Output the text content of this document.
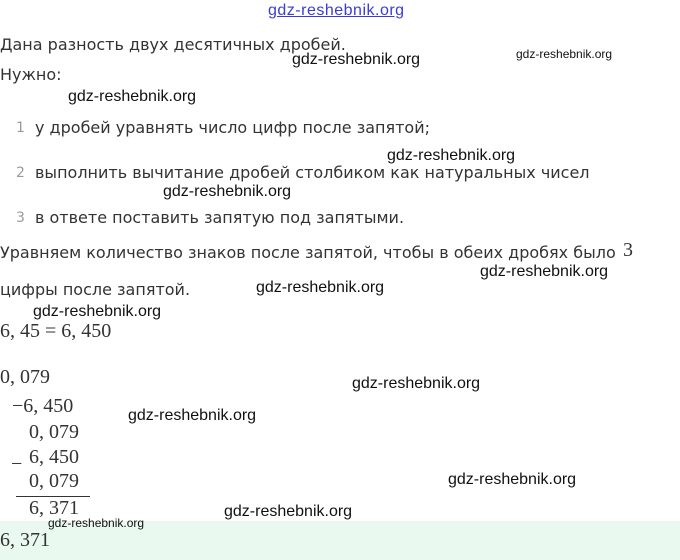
gdz-reshebnik.org
gdz-reshebnik.org	gdz-reshebnik.org
gdz-reshebnik.org
gdz-reshebnik.org
gdz-reshebnik.org
gdz-reshebnik.org
gdz-reshebnik.org
gdz-reshebnik.org
gdz-reshebnik.org
gdz-reshebnik.org
gdz-reshebnik.org
gdz-reshebnik.org
Дана разность двух десятичных дробей.
Нужно:
1 у дробей уравнять число цифр после запятой;
2 выполнить вычитание дробей столбиком как натуральных чисел
3 в ответе поставить запятую под запятыми.
Уравняем количество знаков после запятой, чтобы в обеих дробях было 3
цифры после запятой.
6, 45 = 6, 450
0, 079
−6, 450
0, 079
− 6, 450
0, 079
6, 371
gdz-reshebnik.org
6, 371
